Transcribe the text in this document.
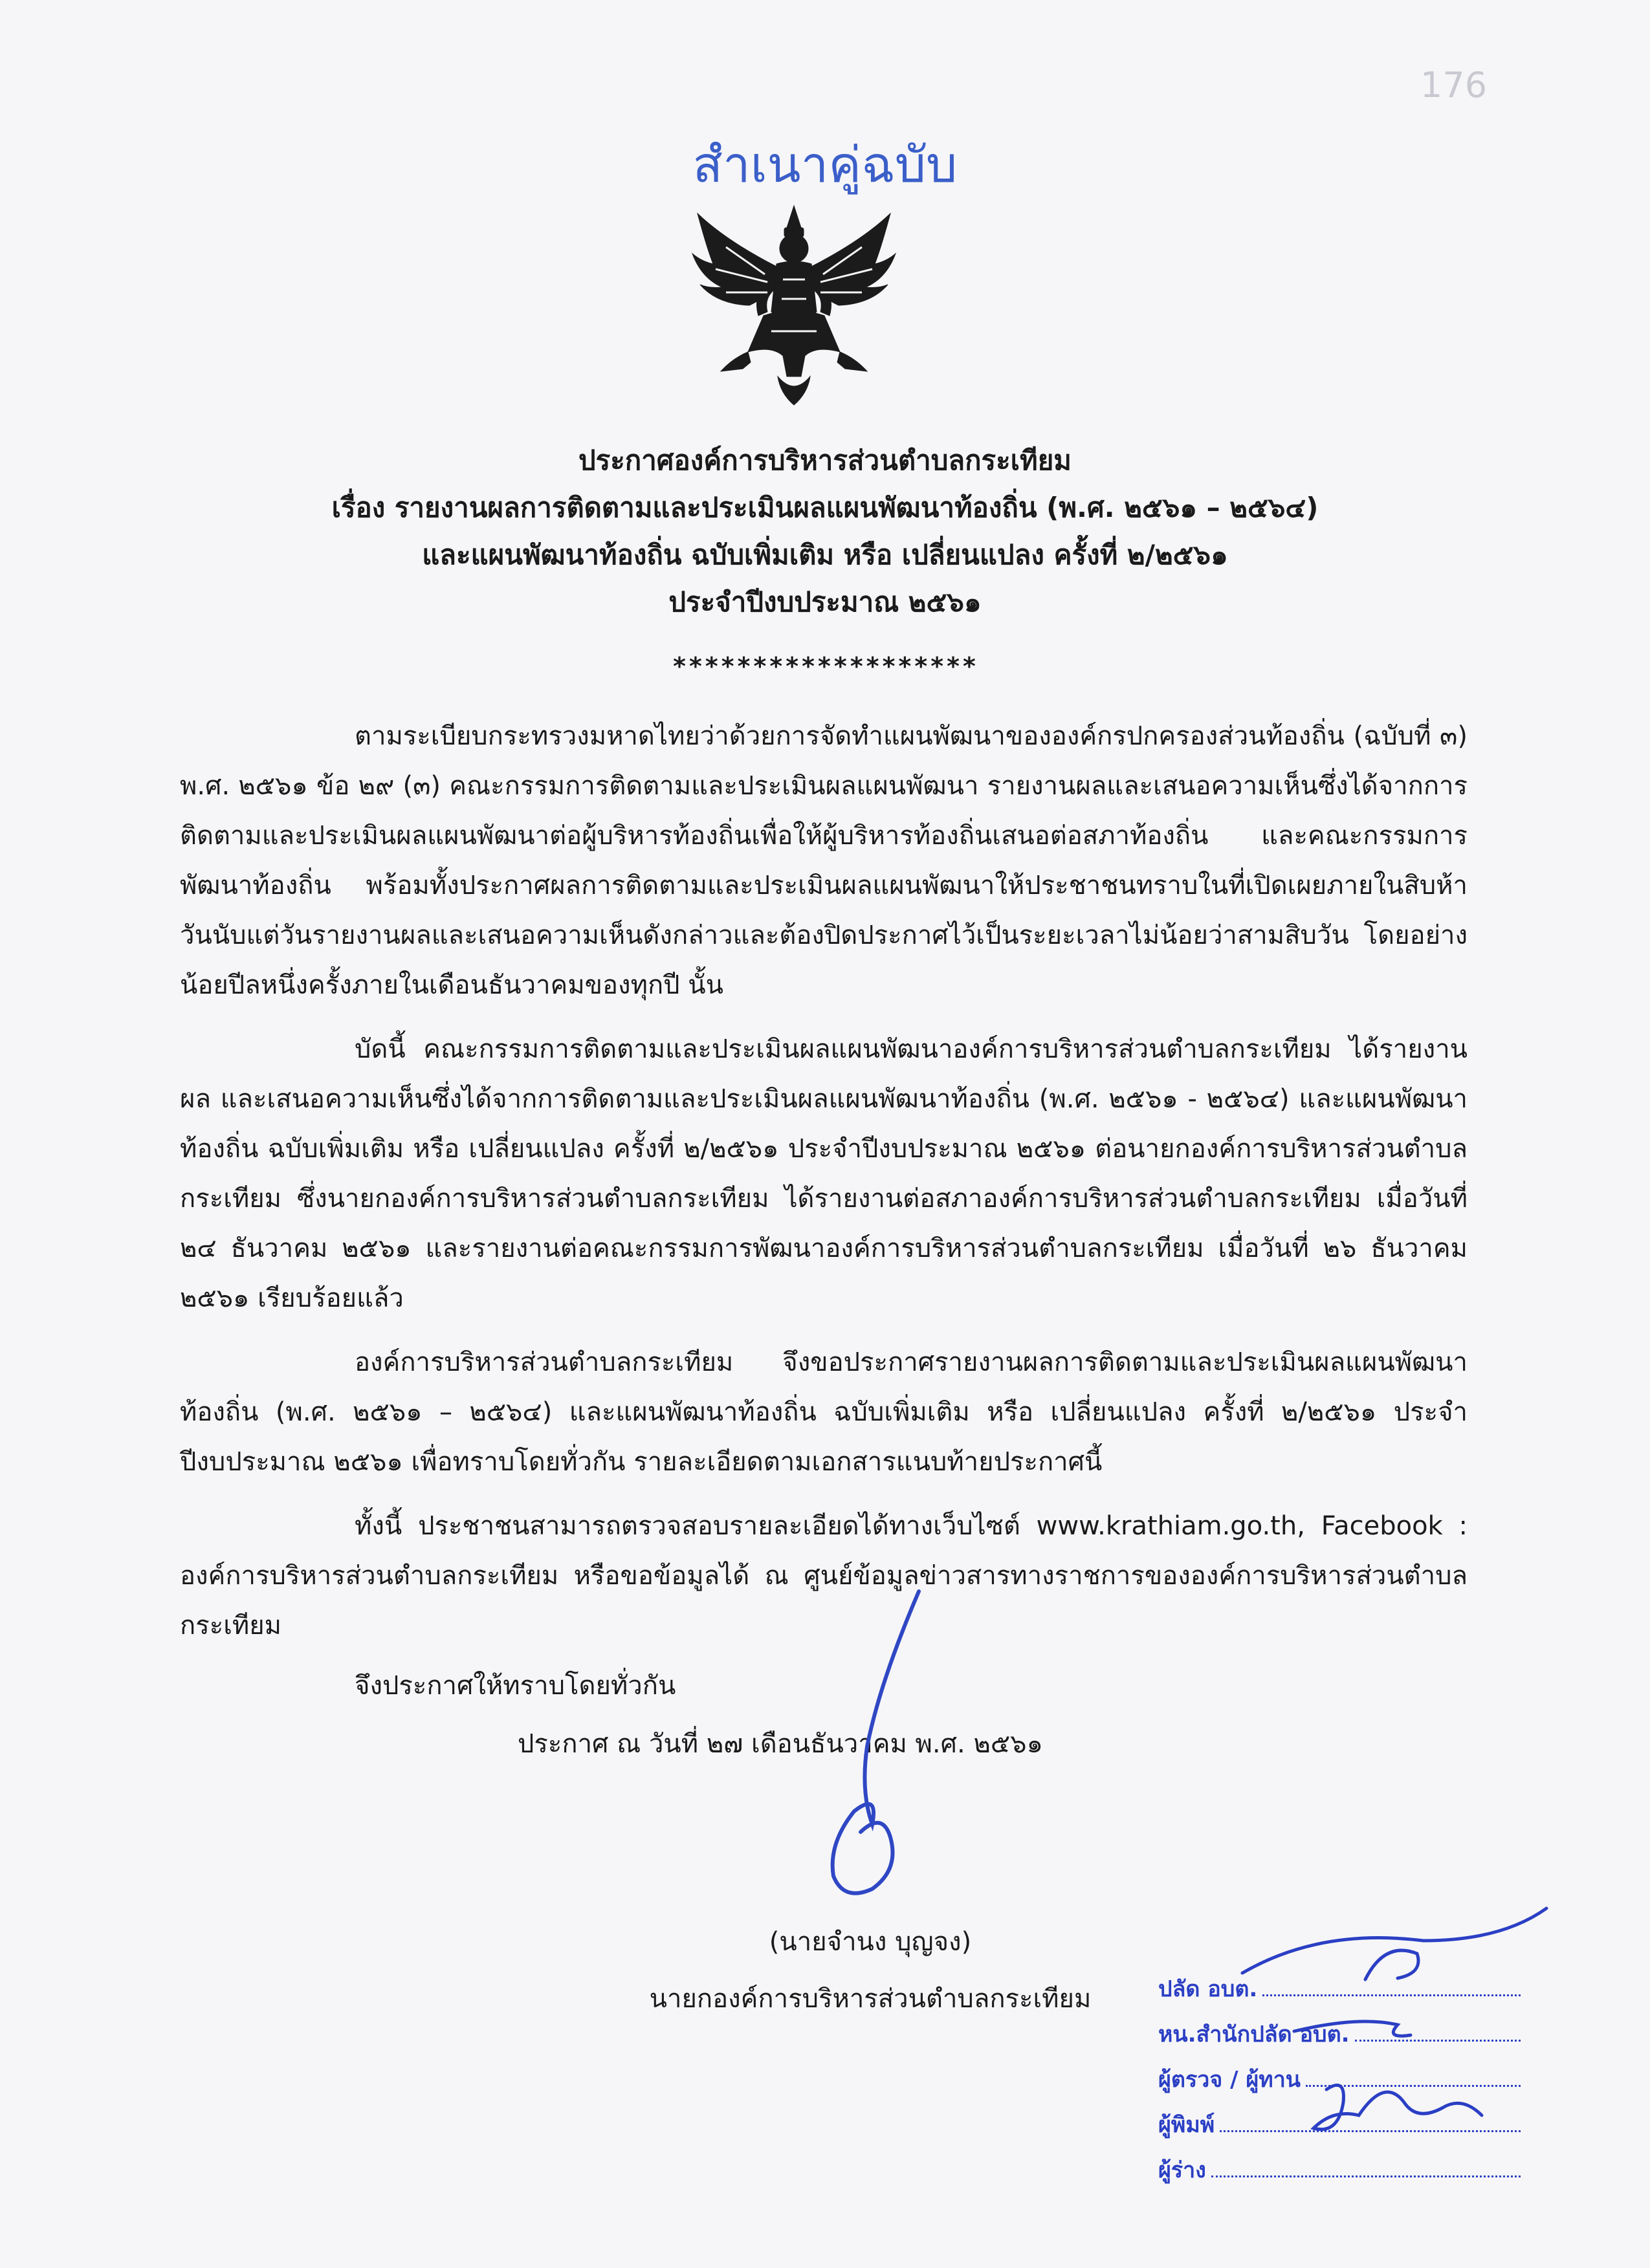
176
สำเนาคู่ฉบับ
ประกาศองค์การบริหารส่วนตำบลกระเทียม
เรื่อง รายงานผลการติดตามและประเมินผลแผนพัฒนาท้องถิ่น (พ.ศ. ๒๕๖๑ – ๒๕๖๔)
และแผนพัฒนาท้องถิ่น ฉบับเพิ่มเติม หรือ เปลี่ยนแปลง ครั้งที่ ๒/๒๕๖๑
ประจำปีงบประมาณ ๒๕๖๑
*******************

ตามระเบียบกระทรวงมหาดไทยว่าด้วยการจัดทำแผนพัฒนาขององค์กรปกครองส่วนท้องถิ่น (ฉบับที่ ๓) พ.ศ. ๒๕๖๑ ข้อ ๒๙ (๓) คณะกรรมการติดตามและประเมินผลแผนพัฒนา รายงานผลและเสนอความเห็นซึ่งได้จากการติดตามและประเมินผลแผนพัฒนาต่อผู้บริหารท้องถิ่นเพื่อให้ผู้บริหารท้องถิ่นเสนอต่อสภาท้องถิ่น และคณะกรรมการพัฒนาท้องถิ่น พร้อมทั้งประกาศผลการติดตามและประเมินผลแผนพัฒนาให้ประชาชนทราบในที่เปิดเผยภายในสิบห้าวันนับแต่วันรายงานผลและเสนอความเห็นดังกล่าวและต้องปิดประกาศไว้เป็นระยะเวลาไม่น้อยว่าสามสิบวัน โดยอย่างน้อยปีลหนึ่งครั้งภายในเดือนธันวาคมของทุกปี นั้น

บัดนี้ คณะกรรมการติดตามและประเมินผลแผนพัฒนาองค์การบริหารส่วนตำบลกระเทียม ได้รายงานผล และเสนอความเห็นซึ่งได้จากการติดตามและประเมินผลแผนพัฒนาท้องถิ่น (พ.ศ. ๒๕๖๑ - ๒๕๖๔) และแผนพัฒนาท้องถิ่น ฉบับเพิ่มเติม หรือ เปลี่ยนแปลง ครั้งที่ ๒/๒๕๖๑ ประจำปีงบประมาณ ๒๕๖๑ ต่อนายกองค์การบริหารส่วนตำบลกระเทียม ซึ่งนายกองค์การบริหารส่วนตำบลกระเทียม ได้รายงานต่อสภาองค์การบริหารส่วนตำบลกระเทียม เมื่อวันที่ ๒๔ ธันวาคม ๒๕๖๑ และรายงานต่อคณะกรรมการพัฒนาองค์การบริหารส่วนตำบลกระเทียม เมื่อวันที่ ๒๖ ธันวาคม ๒๕๖๑ เรียบร้อยแล้ว

องค์การบริหารส่วนตำบลกระเทียม จึงขอประกาศรายงานผลการติดตามและประเมินผลแผนพัฒนาท้องถิ่น (พ.ศ. ๒๕๖๑ – ๒๕๖๔) และแผนพัฒนาท้องถิ่น ฉบับเพิ่มเติม หรือ เปลี่ยนแปลง ครั้งที่ ๒/๒๕๖๑ ประจำปีงบประมาณ ๒๕๖๑ เพื่อทราบโดยทั่วกัน รายละเอียดตามเอกสารแนบท้ายประกาศนี้

ทั้งนี้ ประชาชนสามารถตรวจสอบรายละเอียดได้ทางเว็บไซต์ www.krathiam.go.th, Facebook : องค์การบริหารส่วนตำบลกระเทียม หรือขอข้อมูลได้ ณ ศูนย์ข้อมูลข่าวสารทางราชการขององค์การบริหารส่วนตำบลกระเทียม

จึงประกาศให้ทราบโดยทั่วกัน
ประกาศ ณ วันที่ ๒๗ เดือนธันวาคม พ.ศ. ๒๕๖๑
(นายจำนง บุญจง)
นายกองค์การบริหารส่วนตำบลกระเทียม	ปลัด อบต.
หน.สำนักปลัด อบต.
ผู้ตรวจ / ผู้ทาน
ผู้พิมพ์
ผู้ร่าง
